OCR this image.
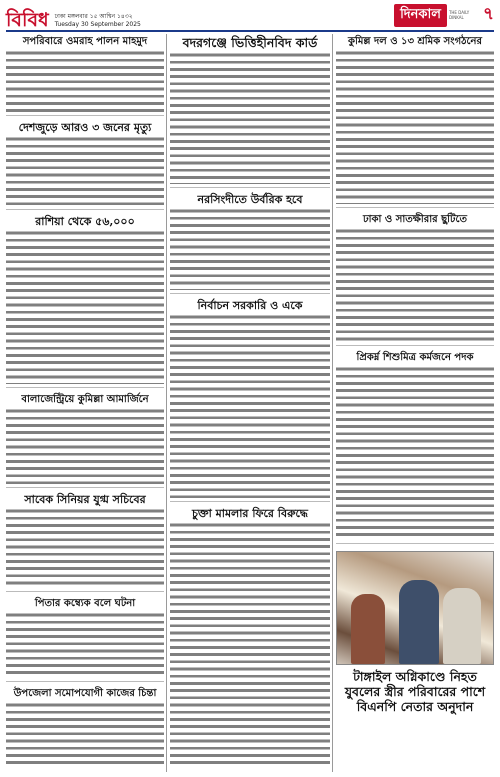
বিবিধ ঢাকা মঙ্গলবার ১৫ আশ্বিন ১৪৩২
Tuesday 30 September 2025
দিনকাল	THE DAILY DINKAL	৭
সপরিবারে ওমরাহ পালন মাহমুদ
দেশজুড়ে আরও ৩ জনের মৃত্যু
রাশিয়া থেকে ৫৬,০০০
বালাজেন্ট্রিয়ে কুমিল্লা আমার্জিনে
সাবেক সিনিয়র যুগ্ম সচিবের
পিতার কম্ব্যেক বলে ঘটনা
উপজেলা সমোপযোগী কাজের চিন্তা
বদরগঞ্জে ভিত্তিহীনবিদ কার্ড
নরসিংদীতে উর্বরিক হবে
নির্বাচন সরকারি ও একে
চুক্তা মামলার ফিরে বিরুদ্ধে
কুমিল্ল দল ও ১৩ শ্রমিক সংগঠনের
ঢাকা ও সাতক্ষীরার ছুটিতে
প্রিকর্ম্ন শিশুমিত্র কর্মজনে পদক
টাঙ্গাইল অগ্নিকাণ্ডে নিহত যুবলের স্ত্রীর পরিবারের পাশে বিএনপি নেতার অনুদান
